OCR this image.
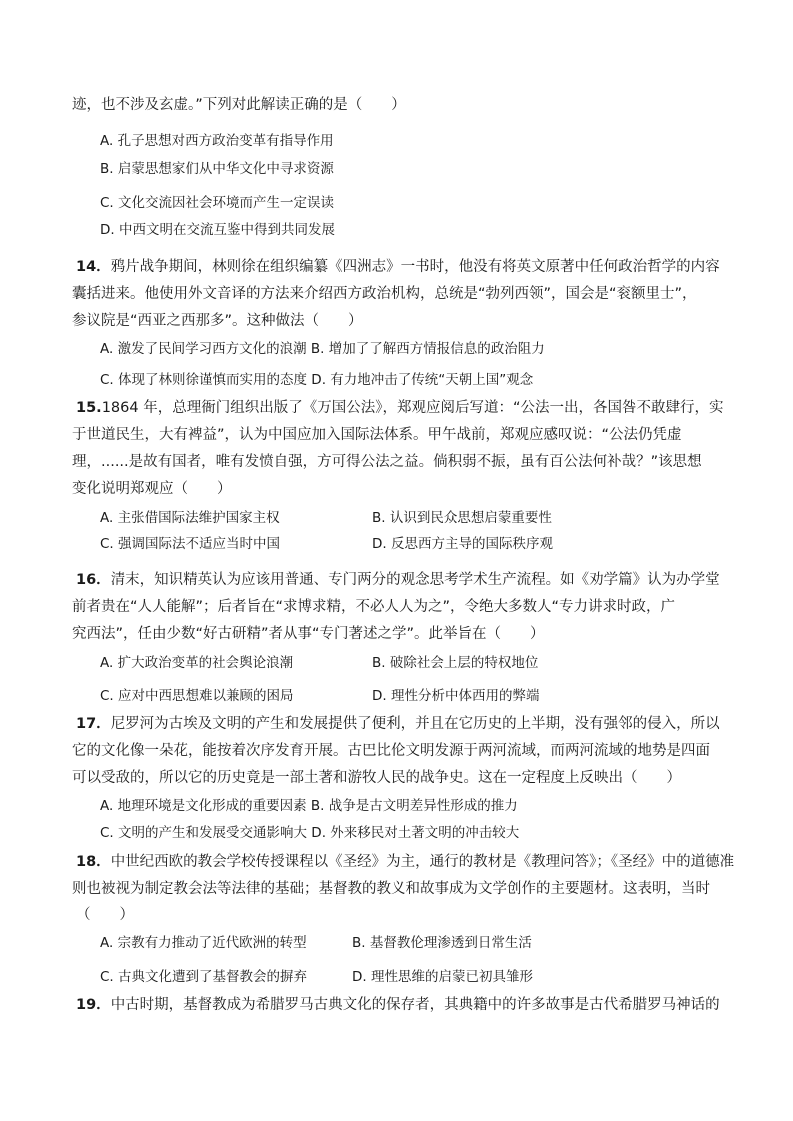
迹，也不涉及玄虚。”下列对此解读正确的是（　　）
A. 孔子思想对西方政治变革有指导作用
B. 启蒙思想家们从中华文化中寻求资源
C. 文化交流因社会环境而产生一定误读
D. 中西文明在交流互鉴中得到共同发展
14．鸦片战争期间，林则徐在组织编纂《四洲志》一书时，他没有将英文原著中任何政治哲学的内容
囊括进来。他使用外文音译的方法来介绍西方政治机构，总统是“勃列西领”，国会是“衮额里士”，
参议院是“西亚之西那多”。这种做法（　　）
A. 激发了民间学习西方文化的浪潮 B. 增加了了解西方情报信息的政治阻力
C. 体现了林则徐谨慎而实用的态度 D. 有力地冲击了传统“天朝上国”观念
15.1864 年，总理衙门组织出版了《万国公法》，郑观应阅后写道：“公法一出，各国咎不敢肆行，实
于世道民生，大有裨益”，认为中国应加入国际法体系。甲午战前，郑观应感叹说：“公法仍凭虚
理，......是故有国者，唯有发愤自强，方可得公法之益。倘积弱不振，虽有百公法何补哉？”该思想
变化说明郑观应（　　）
A. 主张借国际法维护国家主权	B. 认识到民众思想启蒙重要性
C. 强调国际法不适应当时中国	D. 反思西方主导的国际秩序观
16．清末，知识精英认为应该用普通、专门两分的观念思考学术生产流程。如《劝学篇》认为办学堂
前者贵在“人人能解”；后者旨在“求博求精，不必人人为之”，令绝大多数人“专力讲求时政，广
究西法”，任由少数“好古研精”者从事“专门著述之学”。此举旨在（　　）
A. 扩大政治变革的社会舆论浪潮	B. 破除社会上层的特权地位
C. 应对中西思想难以兼顾的困局	D. 理性分析中体西用的弊端
17．尼罗河为古埃及文明的产生和发展提供了便利，并且在它历史的上半期，没有强邻的侵入，所以
它的文化像一朵花，能按着次序发育开展。古巴比伦文明发源于两河流域，而两河流域的地势是四面
可以受敌的，所以它的历史竟是一部土著和游牧人民的战争史。这在一定程度上反映出（　　）
A. 地理环境是文化形成的重要因素 B. 战争是古文明差异性形成的推力
C. 文明的产生和发展受交通影响大 D. 外来移民对土著文明的冲击较大
18．中世纪西欧的教会学校传授课程以《圣经》为主，通行的教材是《教理问答》；《圣经》中的道德准
则也被视为制定教会法等法律的基础；基督教的教义和故事成为文学创作的主要题材。这表明，当时
（　　）
A. 宗教有力推动了近代欧洲的转型	B. 基督教伦理渗透到日常生活
C. 古典文化遭到了基督教会的摒弃	D. 理性思维的启蒙已初具雏形
19．中古时期，基督教成为希腊罗马古典文化的保存者，其典籍中的许多故事是古代希腊罗马神话的
